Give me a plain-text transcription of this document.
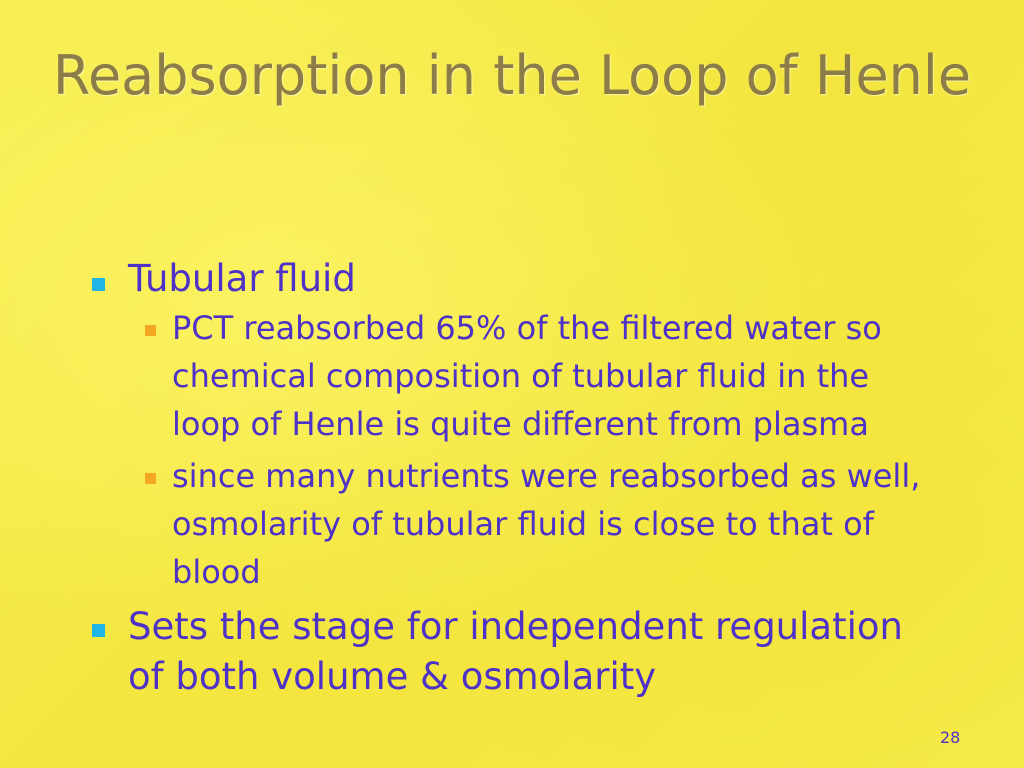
Reabsorption in the Loop of Henle
Tubular fluid
PCT reabsorbed 65% of the filtered water so chemical composition of tubular fluid in the loop of Henle is quite different from plasma
since many nutrients were reabsorbed as well, osmolarity of tubular fluid is close to that of blood
Sets the stage for independent regulation of both volume & osmolarity
28
